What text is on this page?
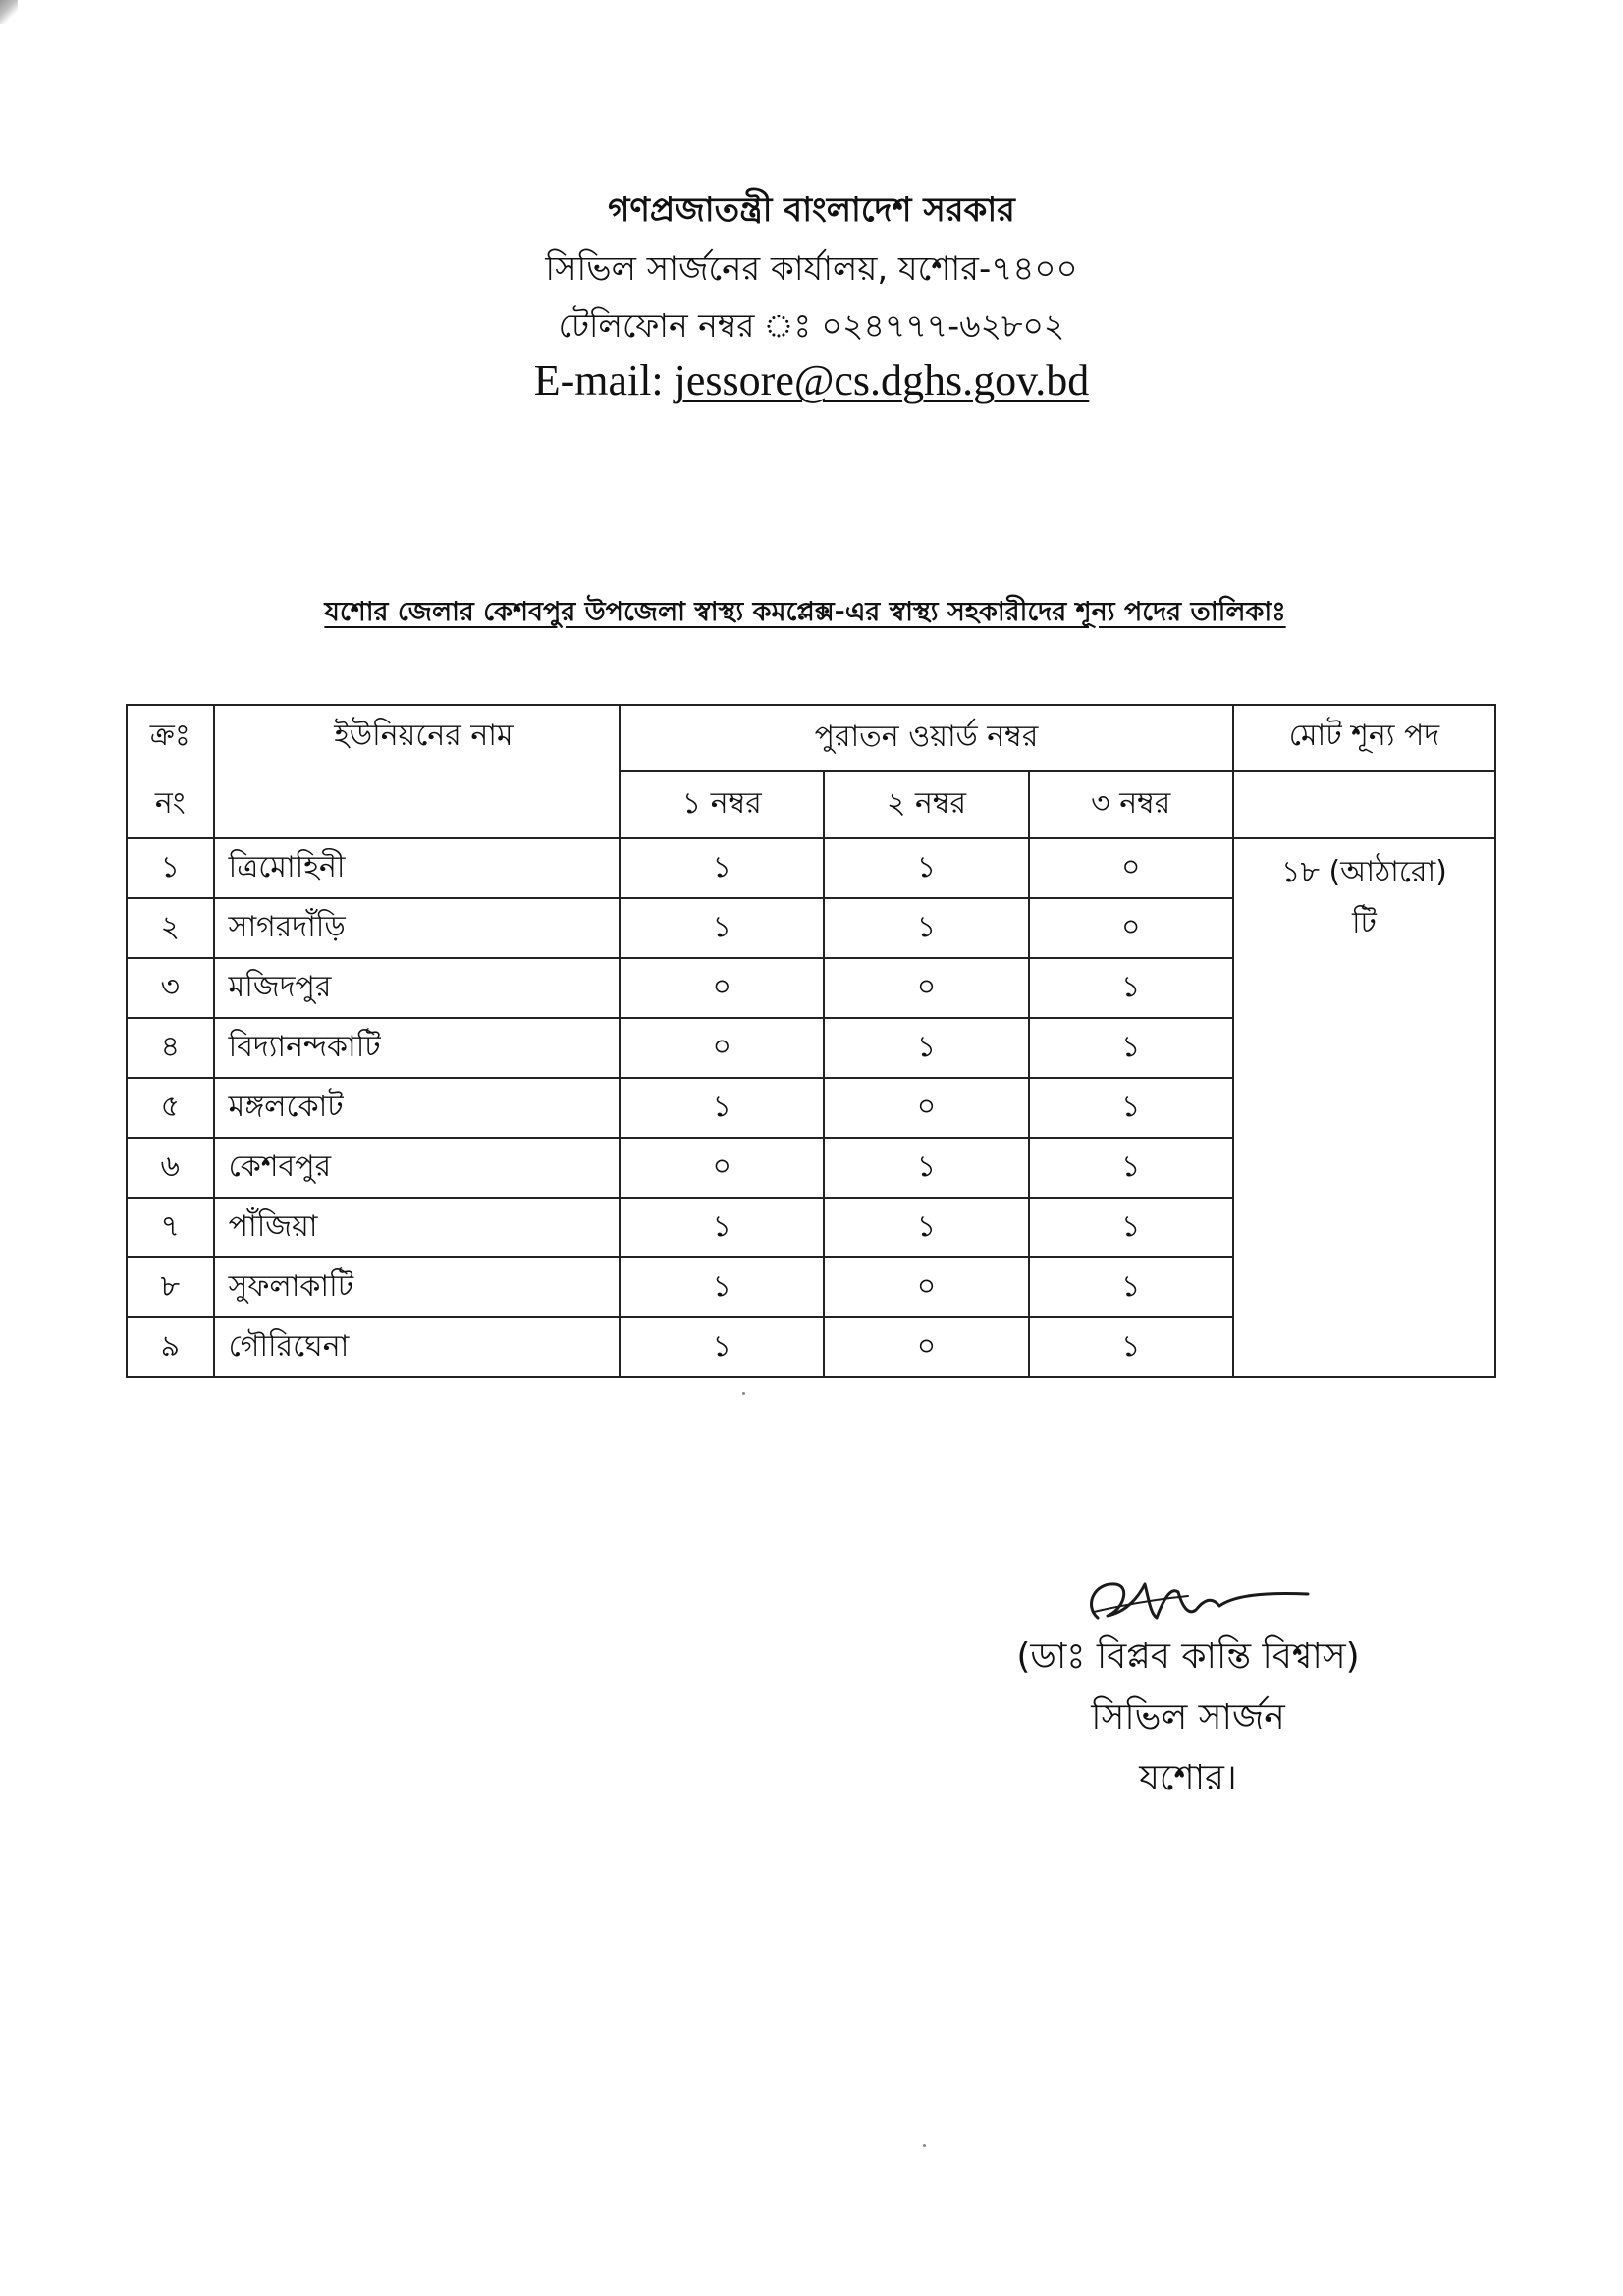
গণপ্রজাতন্ত্রী বাংলাদেশ সরকার
সিভিল সার্জনের কার্যালয়, যশোর-৭৪০০
টেলিফোন নম্বর ঃ ০২৪৭৭৭-৬২৮০২
E-mail: jessore@cs.dghs.gov.bd
যশোর জেলার কেশবপুর উপজেলা স্বাস্থ্য কমপ্লেক্স-এর স্বাস্থ্য সহকারীদের শূন্য পদের তালিকাঃ
ক্রঃ	ইউনিয়নের নাম	পুরাতন ওয়ার্ড নম্বর			মোট শূন্য পদ
নং		১ নম্বর	২ নম্বর	৩ নম্বর	
১	ত্রিমোহিনী	১	১	০	১৮ (আঠারো)
টি

২	সাগরদাঁড়ি	১	১	০	
৩	মজিদপুর	০	০	১	
৪	বিদ্যানন্দকাটি	০	১	১	
৫	মঙ্গলকোট	১	০	১	
৬	কেশবপুর	০	১	১	
৭	পাঁজিয়া	১	১	১	
৮	সুফলাকাটি	১	০	১	
৯	গৌরিঘেনা	১	০	১	
(ডাঃ বিপ্লব কান্তি বিশ্বাস)
সিভিল সার্জন
যশোর।
